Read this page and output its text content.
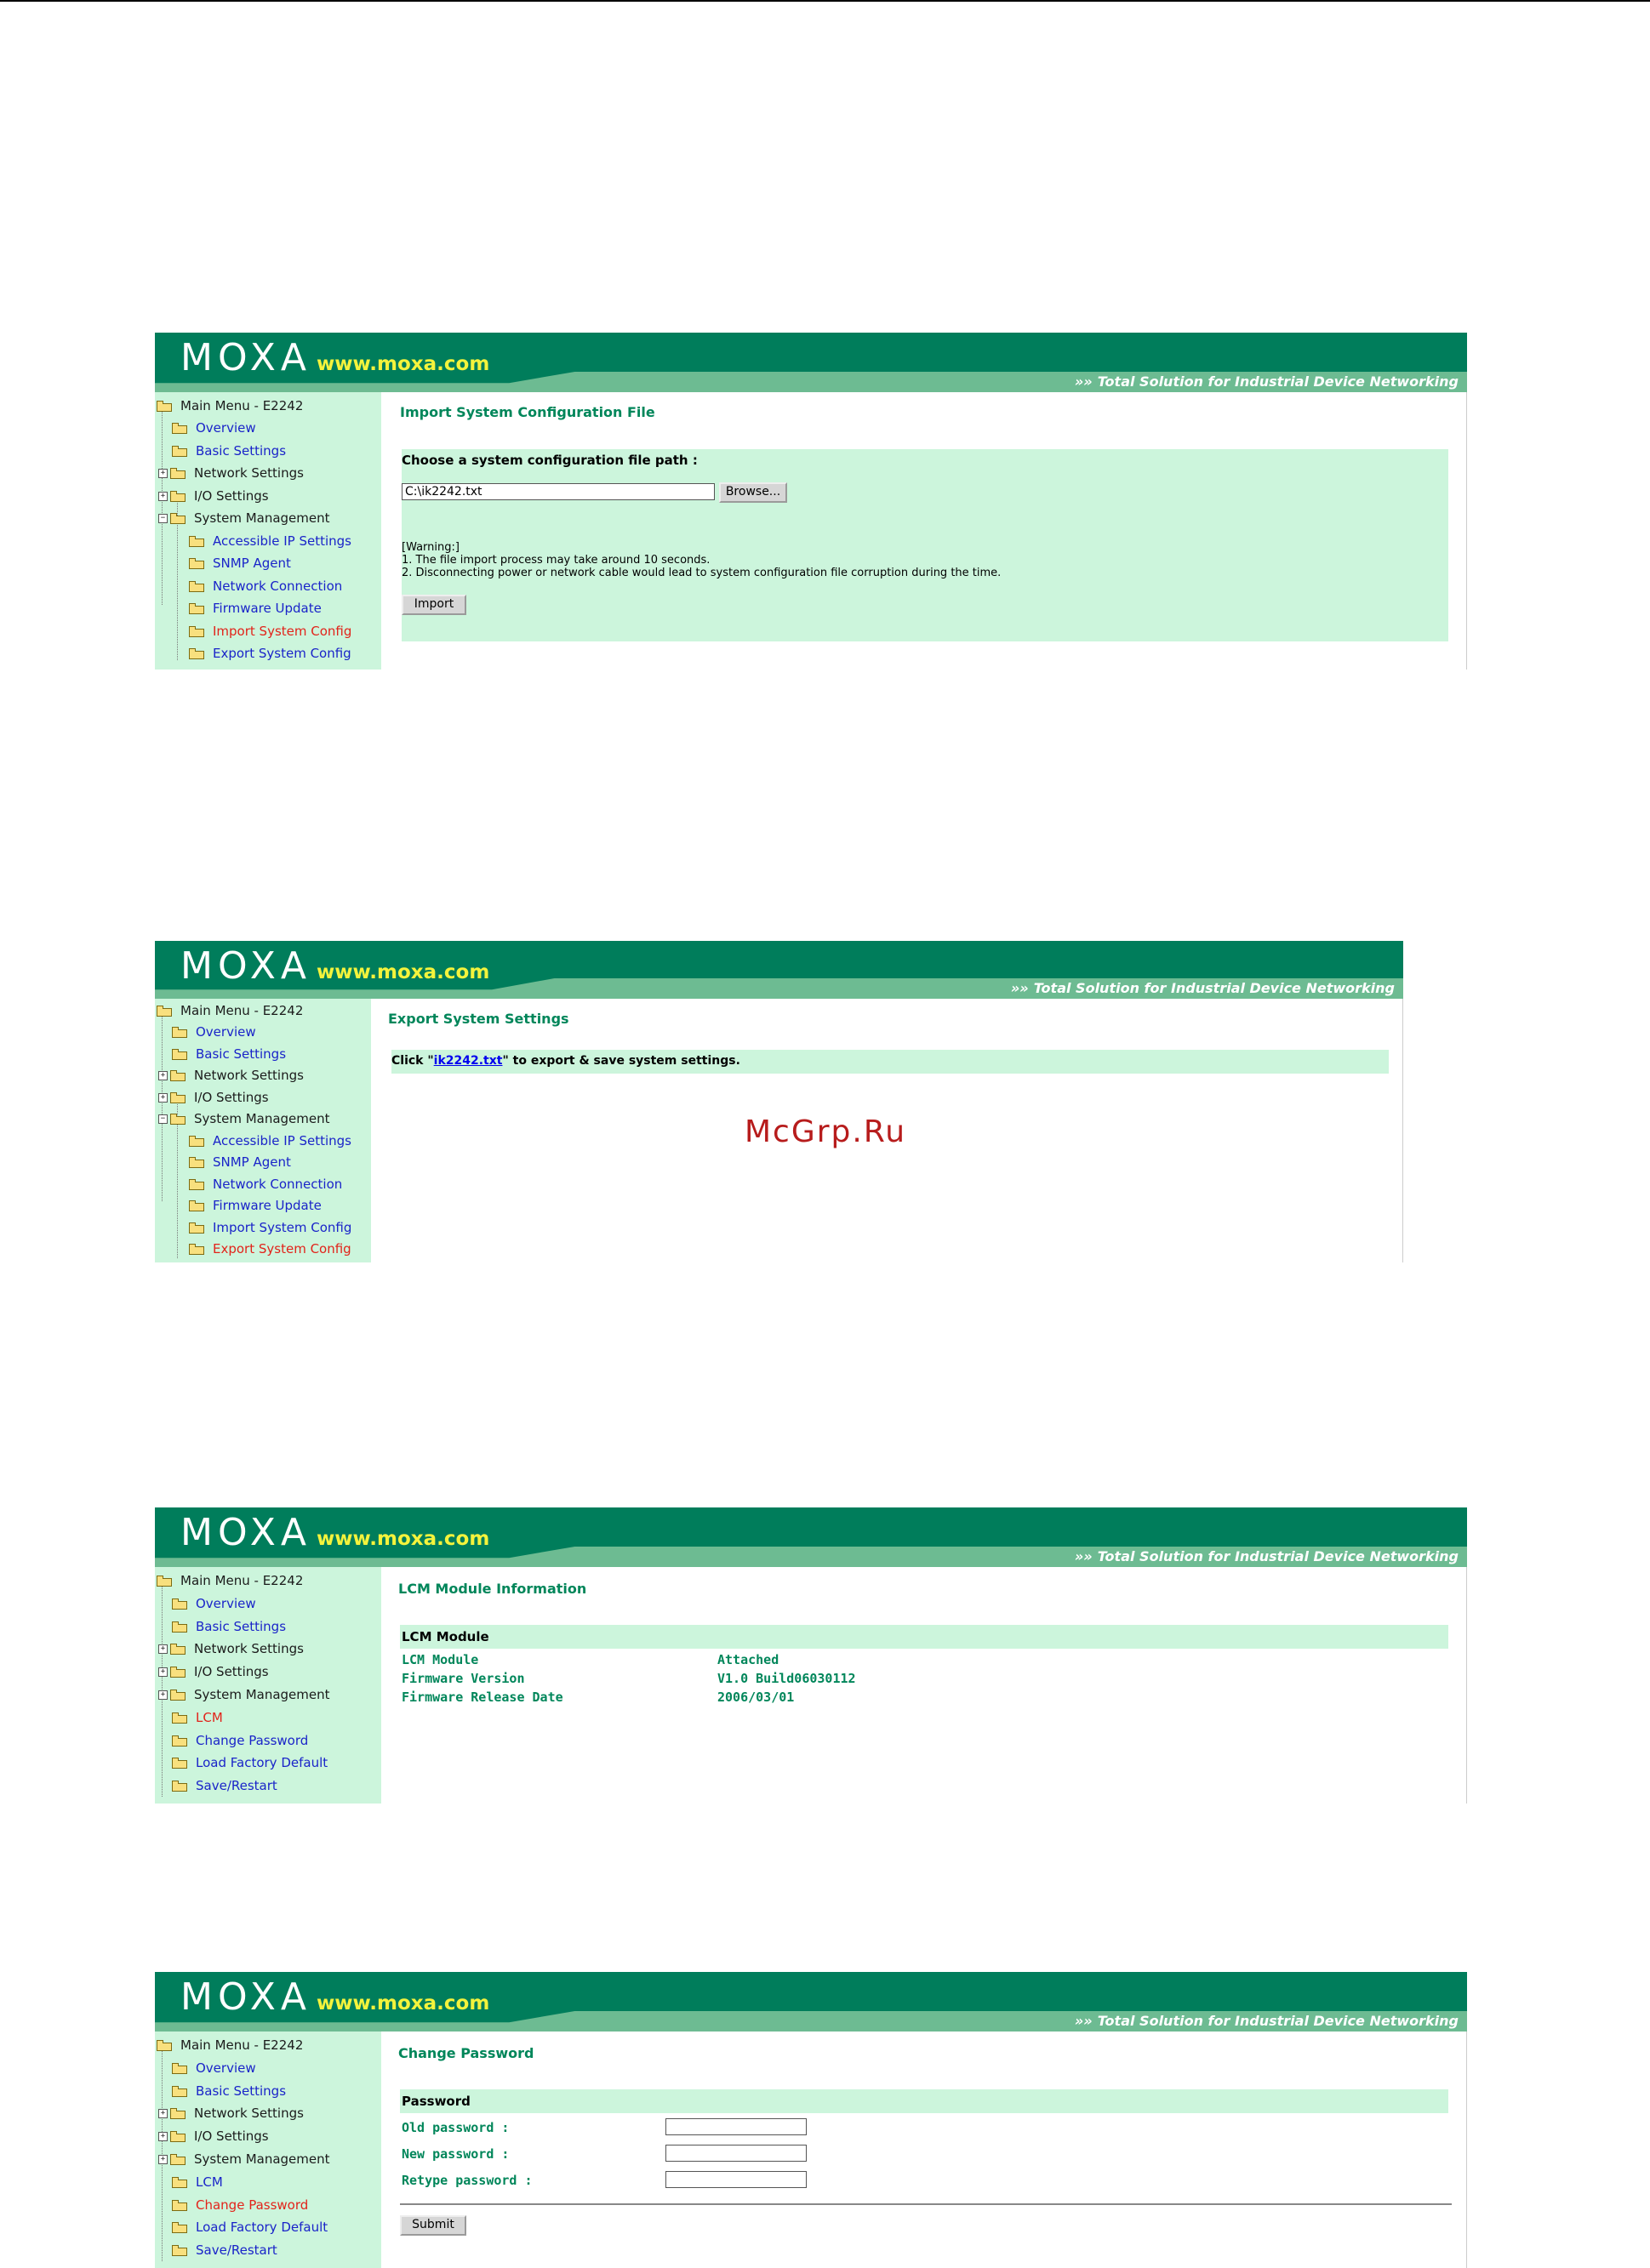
MOXA www.moxa.com
»» Total Solution for Industrial Device Networking
Main Menu - E2242
Overview
Basic Settings
+ Network Settings
+ I/O Settings
− System Management
Accessible IP Settings
SNMP Agent
Network Connection
Firmware Update
Import System Config
Export System Config
Import System Configuration File
Choose a system configuration file path :
C:\ik2242.txt	Browse...
[Warning:]
1. The file import process may take around 10 seconds.
2. Disconnecting power or network cable would lead to system configuration file corruption during the time.
Import
MOXA www.moxa.com
»» Total Solution for Industrial Device Networking
Main Menu - E2242
Overview
Basic Settings
+ Network Settings
+ I/O Settings
− System Management
Accessible IP Settings
SNMP Agent
Network Connection
Firmware Update
Import System Config
Export System Config
Export System Settings
Click "ik2242.txt" to export & save system settings.
McGrp.Ru
MOXA www.moxa.com
»» Total Solution for Industrial Device Networking
Main Menu - E2242
Overview
Basic Settings
+ Network Settings
+ I/O Settings
+ System Management
LCM
Change Password
Load Factory Default
Save/Restart
LCM Module Information
LCM Module
LCM Module	Attached
Firmware Version	V1.0 Build06030112
Firmware Release Date	2006/03/01
MOXA www.moxa.com
»» Total Solution for Industrial Device Networking
Main Menu - E2242
Overview
Basic Settings
+ Network Settings
+ I/O Settings
+ System Management
LCM
Change Password
Load Factory Default
Save/Restart
Change Password
Password
Old password :
New password :
Retype password :
Submit
